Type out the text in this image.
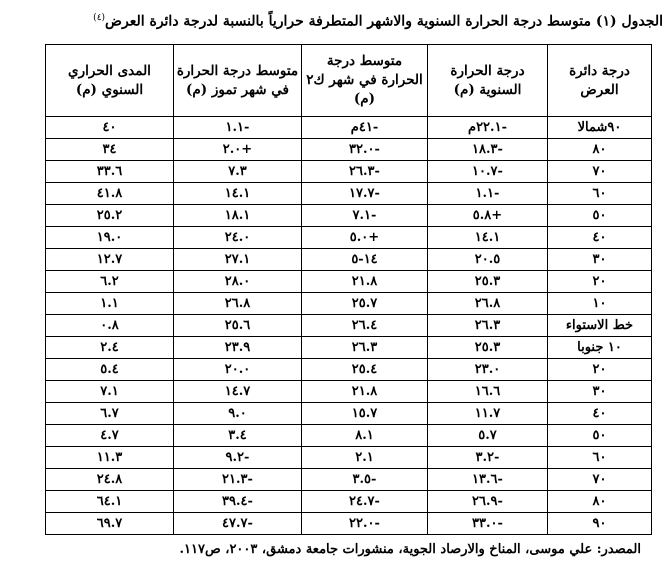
الجدول (١) متوسط درجة الحرارة السنوية والاشهر المتطرفة حرارياً بالنسبة لدرجة دائرة العرض$^{(٤)}$
درجة دائرة العرض	درجة الحرارة السنوية (م)	متوسط درجة الحرارة في شهر ك٢ (م)	متوسط درجة الحرارة في شهر تموز (م)	المدى الحراري السنوي (م)
٩٠شمالا	-٢٢.١م	-٤١م	-١.١	٤٠
٨٠	-١٨.٣	-٣٢.٠	+٢.٠	٣٤
٧٠	-١٠.٧	-٢٦.٣	٧.٣	٣٣.٦
٦٠	-١.١	-١٧.٧	١٤.١	٤١.٨
٥٠	+٥.٨	-٧.١	١٨.١	٢٥.٢
٤٠	١٤.١	+٥.٠	٢٤.٠	١٩.٠
٣٠	٢٠.٥	١٤-٥	٢٧.١	١٢.٧
٢٠	٢٥.٣	٢١.٨	٢٨.٠	٦.٢
١٠	٢٦.٨	٢٥.٧	٢٦.٨	١.١
خط الاستواء	٢٦.٣	٢٦.٤	٢٥.٦	٠.٨
١٠ جنوبا	٢٥.٣	٢٦.٣	٢٣.٩	٢.٤
٢٠	٢٣.٠	٢٥.٤	٢٠.٠	٥.٤
٣٠	١٦.٦	٢١.٨	١٤.٧	٧.١
٤٠	١١.٧	١٥.٧	٩.٠	٦.٧
٥٠	٥.٧	٨.١	٣.٤	٤.٧
٦٠	-٣.٢	٢.١	-٩.٢	١١.٣
٧٠	-١٣.٦	-٣.٥	-٢١.٣	٢٤.٨
٨٠	-٢٦.٩	-٢٤.٧	-٣٩.٤	٦٤.١
٩٠	-٣٣.٠	-٢٢.٠	-٤٧.٧	٦٩.٧
المصدر: علي موسى، المناخ والارصاد الجوية، منشورات جامعة دمشق، ٢٠٠٣، ص١١٧.
